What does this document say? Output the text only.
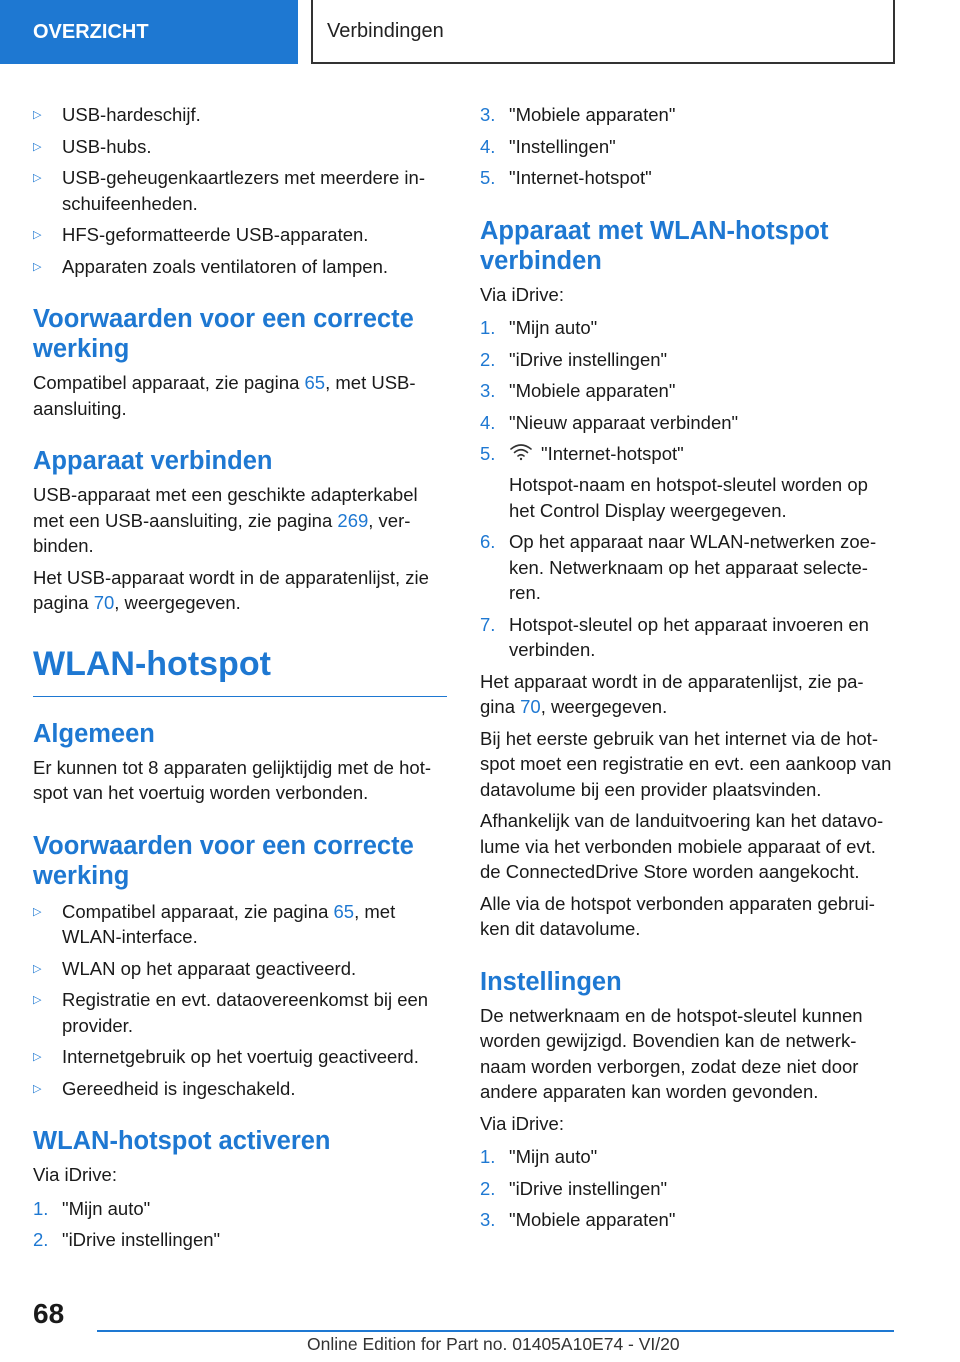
OVERZICHT	Verbindingen
▷ USB-hardeschijf.
▷ USB-hubs.
▷ USB-geheugenkaartlezers met meerdere in-schuifeenheden.
▷ HFS-geformatteerde USB-apparaten.
▷ Apparaten zoals ventilatoren of lampen.
Voorwaarden voor een correcte werking

Compatibel apparaat, zie pagina 65, met USB-aansluiting.

Apparaat verbinden

USB-apparaat met een geschikte adapterkabel met een USB-aansluiting, zie pagina 269, ver-binden.

Het USB-apparaat wordt in de apparatenlijst, zie pagina 70, weergegeven.

WLAN-hotspot
Algemeen

Er kunnen tot 8 apparaten gelijktijdig met de hot-spot van het voertuig worden verbonden.

Voorwaarden voor een correcte werking
▷ Compatibel apparaat, zie pagina 65, met WLAN-interface.
▷ WLAN op het apparaat geactiveerd.
▷ Registratie en evt. dataovereenkomst bij een provider.
▷ Internetgebruik op het voertuig geactiveerd.
▷ Gereedheid is ingeschakeld.
WLAN-hotspot activeren

Via iDrive:

1. "Mijn auto"
2. "iDrive instellingen"
3. "Mobiele apparaten"
4. "Instellingen"
5. "Internet-hotspot"
Apparaat met WLAN-hotspot verbinden

Via iDrive:

1. "Mijn auto"
2. "iDrive instellingen"
3. "Mobiele apparaten"
4. "Nieuw apparaat verbinden"
5. "Internet-hotspot"
Hotspot-naam en hotspot-sleutel worden op het Control Display weergegeven.
6. Op het apparaat naar WLAN-netwerken zoe-ken. Netwerknaam op het apparaat selecte-ren.
7. Hotspot-sleutel op het apparaat invoeren en verbinden.

Het apparaat wordt in de apparatenlijst, zie pa-gina 70, weergegeven.

Bij het eerste gebruik van het internet via de hot-spot moet een registratie en evt. een aankoop van datavolume bij een provider plaatsvinden.

Afhankelijk van de landuitvoering kan het datavo-lume via het verbonden mobiele apparaat of evt. de ConnectedDrive Store worden aangekocht.

Alle via de hotspot verbonden apparaten gebrui-ken dit datavolume.

Instellingen

De netwerknaam en de hotspot-sleutel kunnen worden gewijzigd. Bovendien kan de netwerk-naam worden verborgen, zodat deze niet door andere apparaten kan worden gevonden.

Via iDrive:

1. "Mijn auto"
2. "iDrive instellingen"
3. "Mobiele apparaten"
68
Online Edition for Part no. 01405A10E74 - VI/20
